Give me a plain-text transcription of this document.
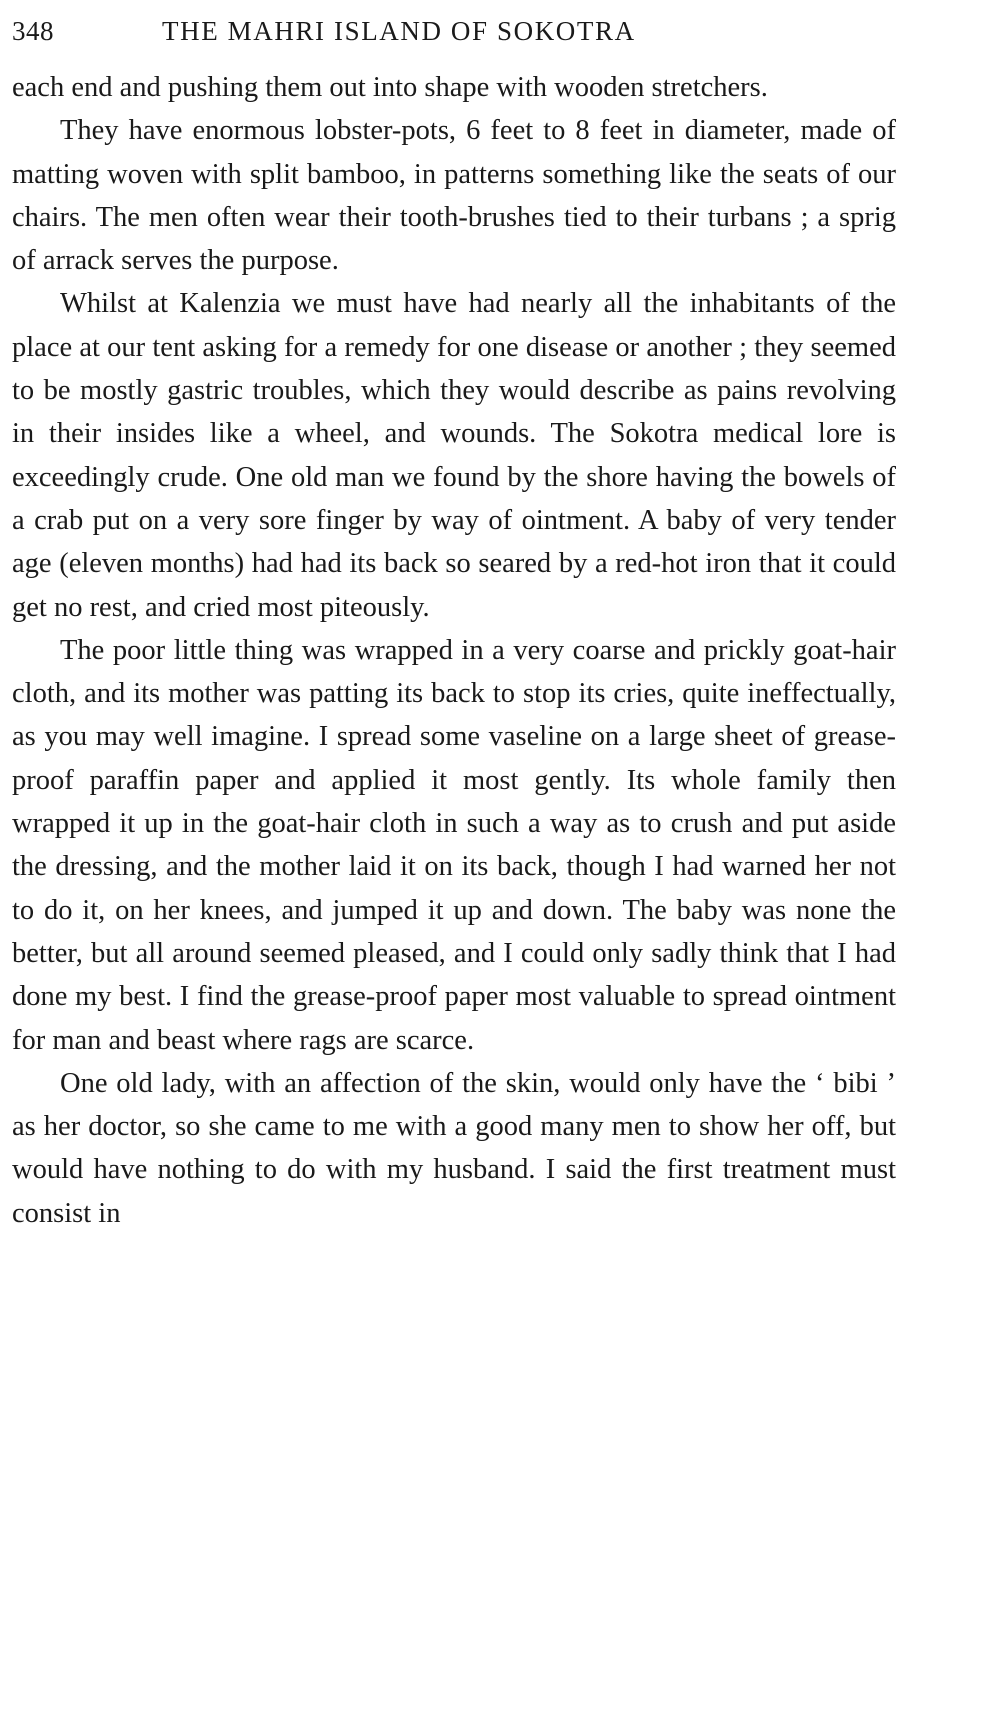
348	THE MAHRI ISLAND OF SOKOTRA

each end and pushing them out into shape with wooden stretchers.

They have enormous lobster-pots, 6 feet to 8 feet in diameter, made of matting woven with split bamboo, in patterns something like the seats of our chairs. The men often wear their tooth-brushes tied to their turbans ; a sprig of arrack serves the purpose.

Whilst at Kalenzia we must have had nearly all the inhabitants of the place at our tent asking for a remedy for one disease or another ; they seemed to be mostly gastric troubles, which they would describe as pains revolving in their insides like a wheel, and wounds. The Sokotra medical lore is exceedingly crude. One old man we found by the shore having the bowels of a crab put on a very sore finger by way of ointment. A baby of very tender age (eleven months) had had its back so seared by a red-hot iron that it could get no rest, and cried most piteously.

The poor little thing was wrapped in a very coarse and prickly goat-hair cloth, and its mother was patting its back to stop its cries, quite ineffectually, as you may well imagine. I spread some vaseline on a large sheet of grease-proof paraffin paper and applied it most gently. Its whole family then wrapped it up in the goat-hair cloth in such a way as to crush and put aside the dressing, and the mother laid it on its back, though I had warned her not to do it, on her knees, and jumped it up and down. The baby was none the better, but all around seemed pleased, and I could only sadly think that I had done my best. I find the grease-proof paper most valuable to spread ointment for man and beast where rags are scarce.

One old lady, with an affection of the skin, would only have the ‘ bibi ’ as her doctor, so she came to me with a good many men to show her off, but would have nothing to do with my husband. I said the first treatment must consist in
